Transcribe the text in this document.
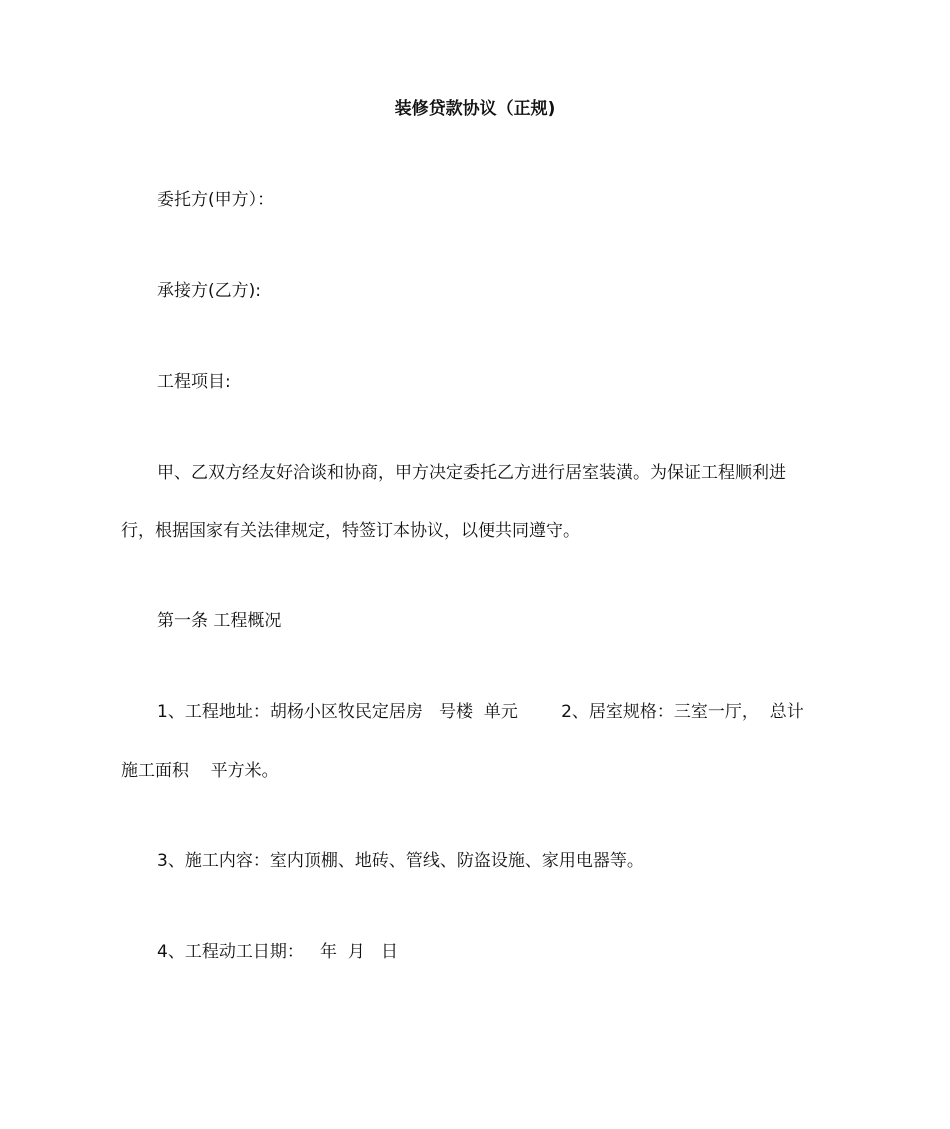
装修贷款协议（正规)
委托方(甲方）：
承接方(乙方):
工程项目:
甲、乙双方经友好洽谈和协商，甲方决定委托乙方进行居室装潢。为保证工程顺利进
行，根据国家有关法律规定，特签订本协议，以便共同遵守。
第一条 工程概况
1、工程地址：胡杨小区牧民定居房   号楼  单元        2、居室规格：三室一厅，  总计
施工面积    平方米。
3、施工内容：室内顶棚、地砖、管线、防盗设施、家用电器等。
4、工程动工日期：   年  月   日
